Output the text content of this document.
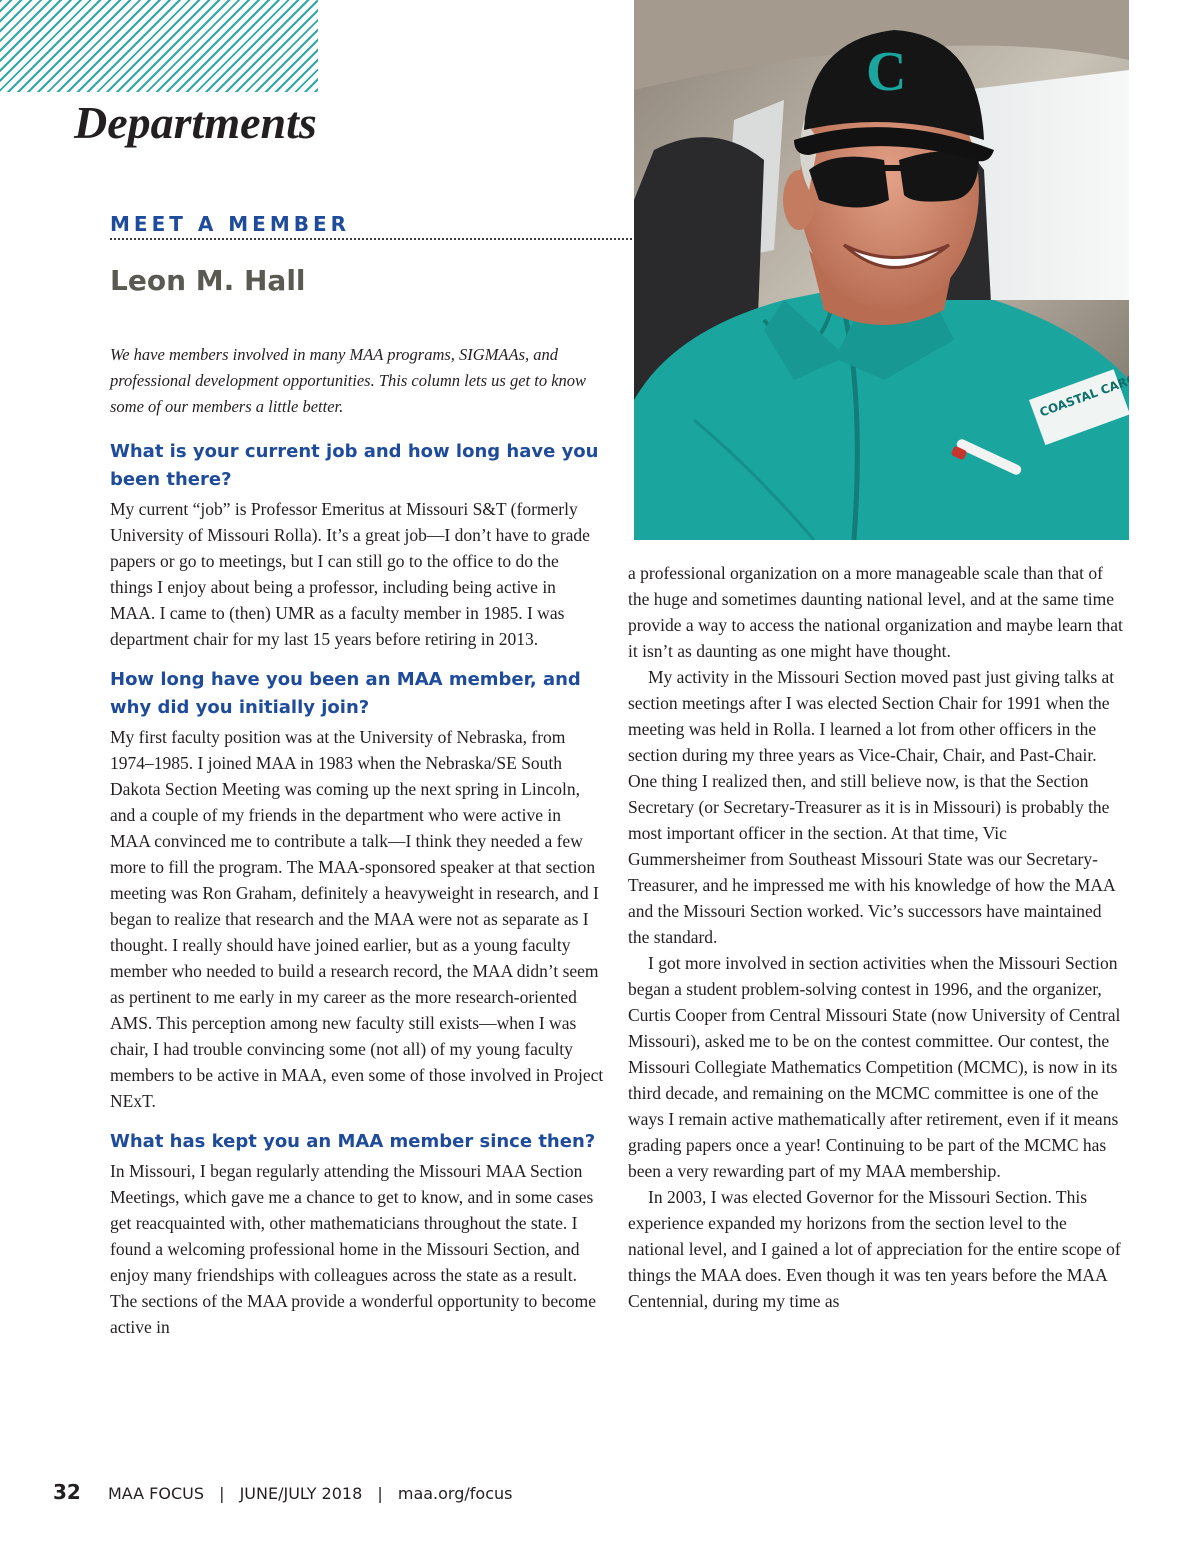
Departments
MEET A MEMBER
Leon M. Hall

We have members involved in many MAA programs, SIGMAAs, and professional development opportunities. This column lets us get to know some of our members a little better.

What is your current job and how long have you been there?

My current “job” is Professor Emeritus at Missouri S&T (formerly University of Missouri Rolla). It’s a great job—I don’t have to grade papers or go to meetings, but I can still go to the office to do the things I enjoy about being a professor, including being active in MAA. I came to (then) UMR as a faculty member in 1985. I was department chair for my last 15 years before retiring in 2013.

How long have you been an MAA member, and why did you initially join?

My first faculty position was at the University of Nebraska, from 1974–1985. I joined MAA in 1983 when the Nebraska/SE South Dakota Section Meeting was coming up the next spring in Lincoln, and a couple of my friends in the department who were active in MAA convinced me to contribute a talk—I think they needed a few more to fill the program. The MAA-sponsored speaker at that section meeting was Ron Graham, definitely a heavyweight in research, and I began to realize that research and the MAA were not as separate as I thought. I really should have joined earlier, but as a young faculty member who needed to build a research record, the MAA didn’t seem as pertinent to me early in my career as the more research-oriented AMS. This perception among new faculty still exists—when I was chair, I had trouble convincing some (not all) of my young faculty members to be active in MAA, even some of those involved in Project NExT.

What has kept you an MAA member since then?

In Missouri, I began regularly attending the Missouri MAA Section Meetings, which gave me a chance to get to know, and in some cases get reacquainted with, other mathematicians throughout the state. I found a welcoming professional home in the Missouri Section, and enjoy many friendships with colleagues across the state as a result. The sections of the MAA provide a wonderful opportunity to become active in

C

a professional organization on a more manageable scale than that of the huge and sometimes daunting national level, and at the same time provide a way to access the national organization and maybe learn that it isn’t as daunting as one might have thought.

My activity in the Missouri Section moved past just giving talks at section meetings after I was elected Section Chair for 1991 when the meeting was held in Rolla. I learned a lot from other officers in the section during my three years as Vice-Chair, Chair, and Past-Chair. One thing I realized then, and still believe now, is that the Section Secretary (or Secretary-Treasurer as it is in Missouri) is probably the most important officer in the section. At that time, Vic Gummersheimer from Southeast Missouri State was our Secretary-Treasurer, and he impressed me with his knowledge of how the MAA and the Missouri Section worked. Vic’s successors have maintained the standard.

I got more involved in section activities when the Missouri Section began a student problem-solving contest in 1996, and the organizer, Curtis Cooper from Central Missouri State (now University of Central Missouri), asked me to be on the contest committee. Our contest, the Missouri Collegiate Mathematics Competition (MCMC), is now in its third decade, and remaining on the MCMC committee is one of the ways I remain active mathematically after retirement, even if it means grading papers once a year! Continuing to be part of the MCMC has been a very rewarding part of my MAA membership.

In 2003, I was elected Governor for the Missouri Section. This experience expanded my horizons from the section level to the national level, and I gained a lot of appreciation for the entire scope of things the MAA does. Even though it was ten years before the MAA Centennial, during my time as

32 MAA FOCUS | JUNE/JULY 2018 | maa.org/focus
